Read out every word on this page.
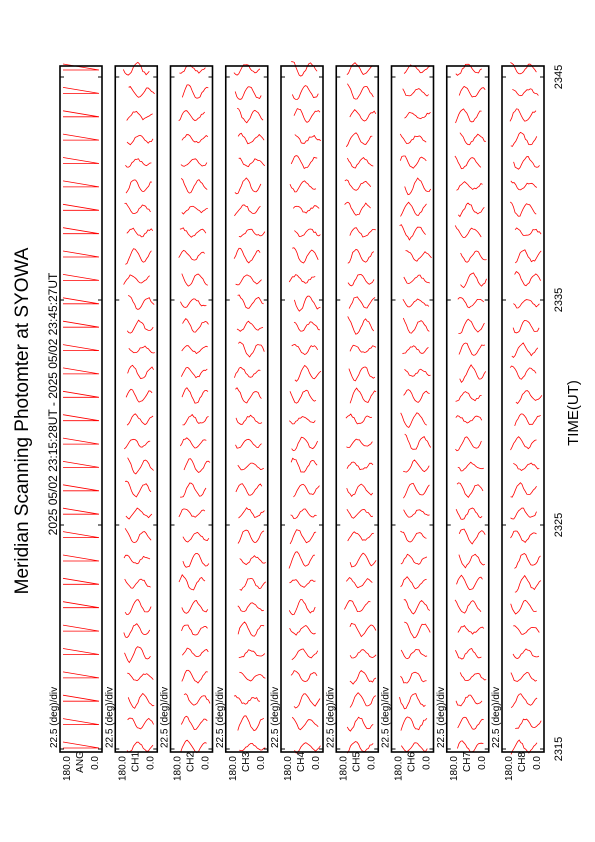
Meridian Scanning Photomter at SYOWA 2025 05/02 23:15:28UT - 2025 05/02 23:45:27UT	TIME(UT)
22.5 (deg)/div
180.0 ANG 0.0
22.5 (deg)/div
180.0 CH1 0.0
22.5 (deg)/div
180.0 CH2 0.0
22.5 (deg)/div
180.0 CH3 0.0
22.5 (deg)/div
180.0 CH4 0.0
22.5 (deg)/div
180.0 CH5 0.0
22.5 (deg)/div
180.0 CH6 0.0
22.5 (deg)/div
180.0 CH7 0.0
22.5 (deg)/div
180.0 CH8 0.0
2315
2325
2335
2345
